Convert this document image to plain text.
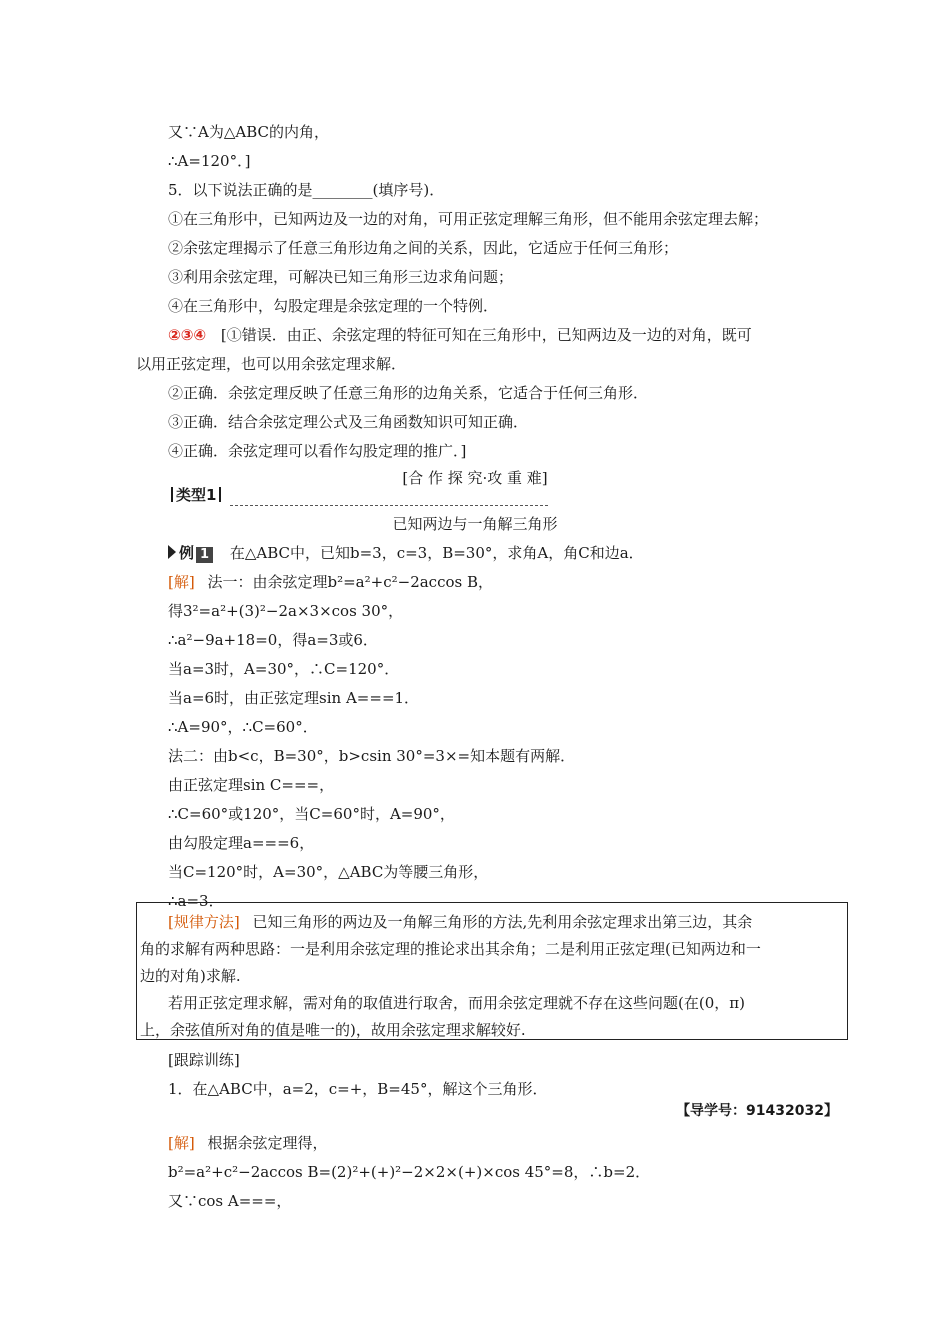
又∵A为△ABC的内角，
∴A=120°．]
5．以下说法正确的是________(填序号)．
①在三角形中，已知两边及一边的对角，可用正弦定理解三角形，但不能用余弦定理去解；
②余弦定理揭示了任意三角形边角之间的关系，因此，它适应于任何三角形；
③利用余弦定理，可解决已知三角形三边求角问题；
④在三角形中，勾股定理是余弦定理的一个特例．
②③④ [①错误．由正、余弦定理的特征可知在三角形中，已知两边及一边的对角，既可
以用正弦定理，也可以用余弦定理求解．
②正确．余弦定理反映了任意三角形的边角关系，它适合于任何三角形．
③正确．结合余弦定理公式及三角函数知识可知正确．
④正确．余弦定理可以看作勾股定理的推广．]
[合 作 探 究·攻 重 难]
类型1
已知两边与一角解三角形
例 1 在△ABC中，已知b=3，c=3，B=30°，求角A，角C和边a．
[解] 法一：由余弦定理b²=a²+c²−2accos B，
得3²=a²+(3)²−2a×3×cos 30°，
∴a²−9a+18=0，得a=3或6．
当a=3时，A=30°，∴C=120°．
当a=6时，由正弦定理sin A===1．
∴A=90°，∴C=60°．
法二：由b<c，B=30°，b>csin 30°=3×=知本题有两解．
由正弦定理sin C===，
∴C=60°或120°，当C=60°时，A=90°，
由勾股定理a===6，
当C=120°时，A=30°，△ABC为等腰三角形，
∴a=3．
[规律方法] 已知三角形的两边及一角解三角形的方法,先利用余弦定理求出第三边，其余
角的求解有两种思路：一是利用余弦定理的推论求出其余角；二是利用正弦定理(已知两边和一
边的对角)求解.
若用正弦定理求解，需对角的取值进行取舍，而用余弦定理就不存在这些问题(在(0，π)
上，余弦值所对角的值是唯一的)，故用余弦定理求解较好.
[跟踪训练]
1．在△ABC中，a=2，c=+，B=45°，解这个三角形．
【导学号：91432032】
[解] 根据余弦定理得，
b²=a²+c²−2accos B=(2)²+(+)²−2×2×(+)×cos 45°=8，∴b=2．
又∵cos A===，
